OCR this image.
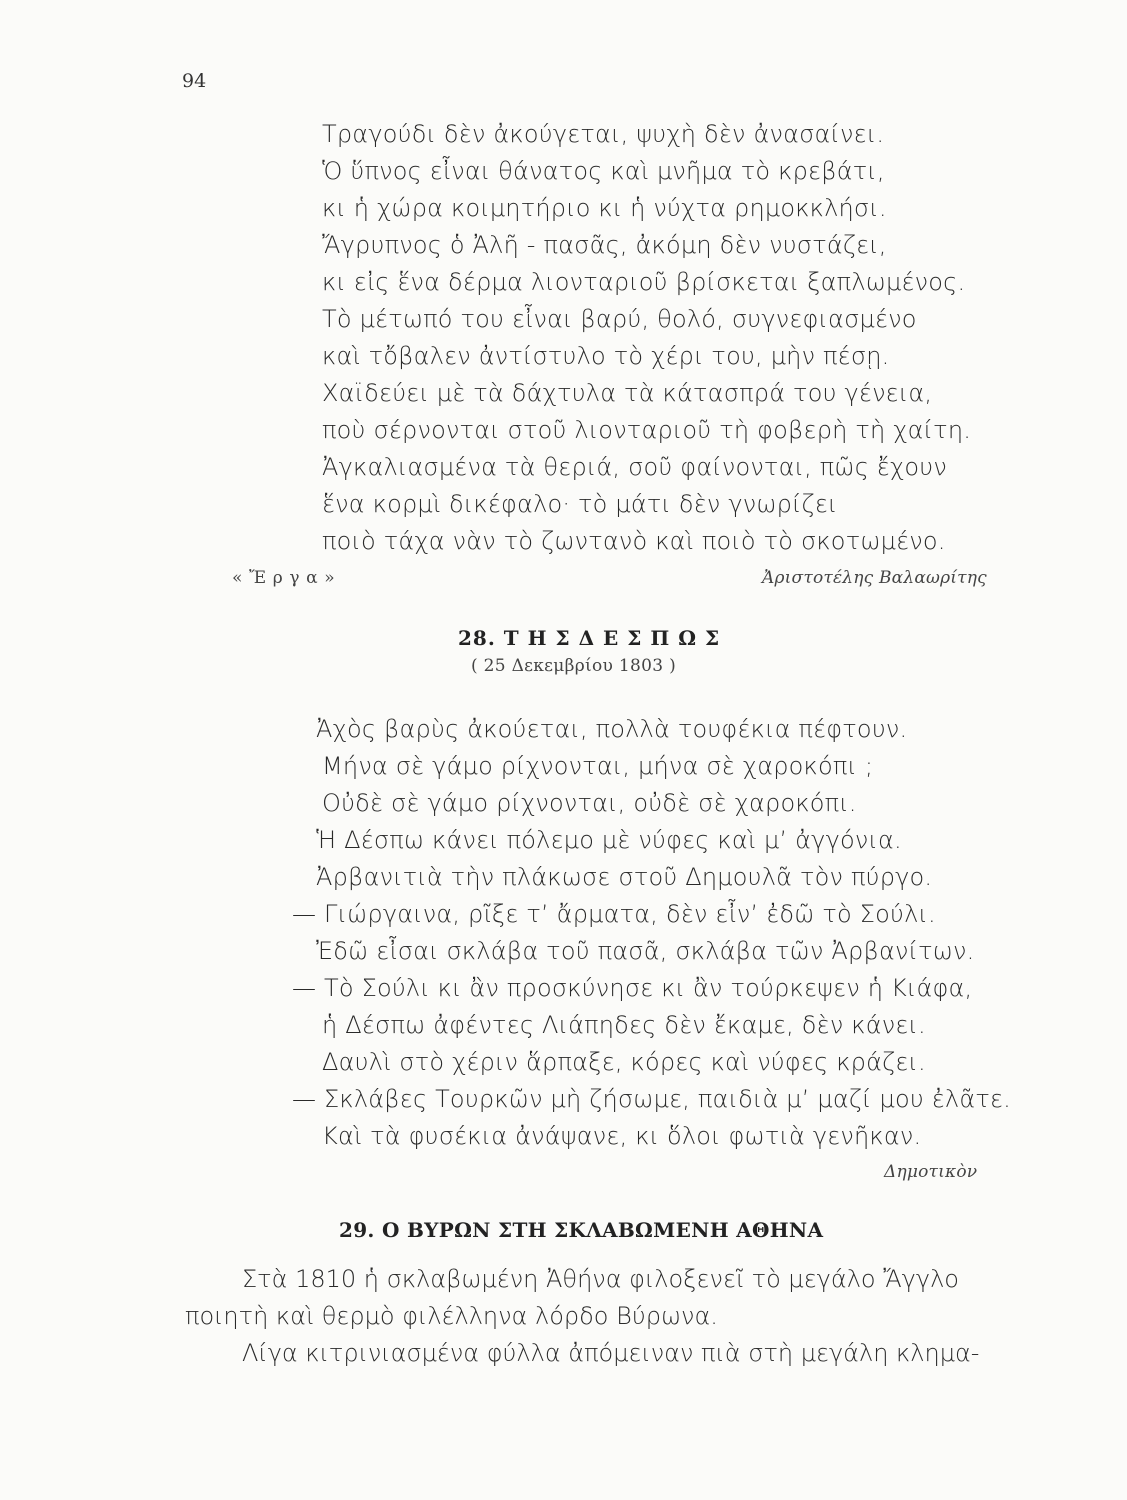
94
Τραγούδι δὲν ἀκούγεται, ψυχὴ δὲν ἀνασαίνει.
Ὁ ὕπνος εἶναι θάνατος καὶ μνῆμα τὸ κρεβάτι,
κι ἡ χώρα κοιμητήριο κι ἡ νύχτα ρημοκκλήσι.
Ἄγρυπνος ὁ Ἀλῆ - πασᾶς, ἀκόμη δὲν νυστάζει,
κι εἰς ἕνα δέρμα λιονταριοῦ βρίσκεται ξαπλωμένος.
Τὸ μέτωπό του εἶναι βαρύ, θολό, συγνεφιασμένο
καὶ τὄβαλεν ἀντίστυλο τὸ χέρι του, μὴν πέσῃ.
Χαϊδεύει μὲ τὰ δάχτυλα τὰ κάτασπρά του γένεια,
ποὺ σέρνονται στοῦ λιονταριοῦ τὴ φοβερὴ τὴ χαίτη.
Ἀγκαλιασμένα τὰ θεριά, σοῦ φαίνονται, πῶς ἔχουν
ἕνα κορμὶ δικέφαλο· τὸ μάτι δὲν γνωρίζει
ποιὸ τάχα νὰν τὸ ζωντανὸ καὶ ποιὸ τὸ σκοτωμένο.
« Ἔ ρ γ α »	Ἀριστοτέλης Βαλαωρίτης
28. Τ Η Σ Δ Ε Σ Π Ω Σ
( 25 Δεκεμβρίου 1803 )
Ἀχὸς βαρὺς ἀκούεται, πολλὰ τουφέκια πέφτουν.
Μήνα σὲ γάμο ρίχνονται, μήνα σὲ χαροκόπι ;
Οὐδὲ σὲ γάμο ρίχνονται, οὐδὲ σὲ χαροκόπι.
Ἡ Δέσπω κάνει πόλεμο μὲ νύφες καὶ μ’ ἀγγόνια.
Ἀρβανιτιὰ τὴν πλάκωσε στοῦ Δημουλᾶ τὸν πύργο.
— Γιώργαινα, ρῖξε τ’ ἄρματα, δὲν εἶν’ ἐδῶ τὸ Σούλι.
Ἐδῶ εἶσαι σκλάβα τοῦ πασᾶ, σκλάβα τῶν Ἀρβανίτων.
— Τὸ Σούλι κι ἂν προσκύνησε κι ἂν τούρκεψεν ἡ Κιάφα,
ἡ Δέσπω ἀφέντες Λιάπηδες δὲν ἔκαμε, δὲν κάνει.
Δαυλὶ στὸ χέριν ἅρπαξε, κόρες καὶ νύφες κράζει.
— Σκλάβες Τουρκῶν μὴ ζήσωμε, παιδιὰ μ’ μαζί μου ἐλᾶτε.
Καὶ τὰ φυσέκια ἀνάψανε, κι ὅλοι φωτιὰ γενῆκαν.
Δημοτικὸν
29. Ο ΒΥΡΩΝ ΣΤΗ ΣΚΛΑΒΩΜΕΝΗ ΑΘΗΝΑ
Στὰ 1810 ἡ σκλαβωμένη Ἀθήνα φιλοξενεῖ τὸ μεγάλο Ἄγγλο
ποιητὴ καὶ θερμὸ φιλέλληνα λόρδο Βύρωνα.
Λίγα κιτρινιασμένα φύλλα ἀπόμειναν πιὰ στὴ μεγάλη κλημα-
